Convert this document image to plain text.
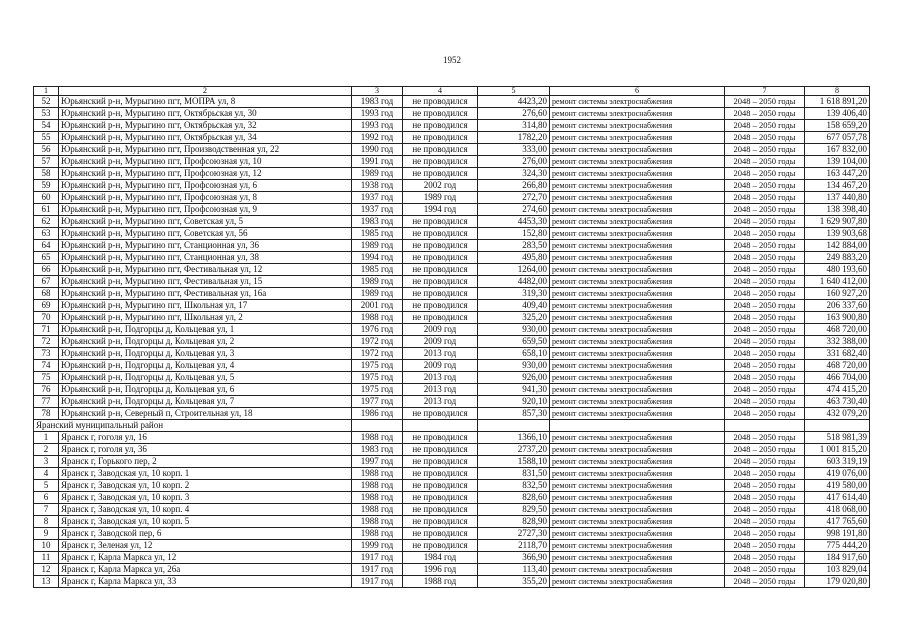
1952
1	2	3	4	5	6	7	8
52	Юрьянский р-н, Мурыгино пгт, МОПРА ул, 8	1983 год	не проводился	4423,20	ремонт системы электроснабжения	2048 – 2050 годы	1 618 891,20
53	Юрьянский р-н, Мурыгино пгт, Октябрьская ул, 30	1993 год	не проводился	276,60	ремонт системы электроснабжения	2048 – 2050 годы	139 406,40
54	Юрьянский р-н, Мурыгино пгт, Октябрьская ул, 32	1993 год	не проводился	314,80	ремонт системы электроснабжения	2048 – 2050 годы	158 659,20
55	Юрьянский р-н, Мурыгино пгт, Октябрьская ул, 34	1992 год	не проводился	1782,20	ремонт системы электроснабжения	2048 – 2050 годы	677 057,78
56	Юрьянский р-н, Мурыгино пгт, Производственная ул, 22	1990 год	не проводился	333,00	ремонт системы электроснабжения	2048 – 2050 годы	167 832,00
57	Юрьянский р-н, Мурыгино пгт, Профсоюзная ул, 10	1991 год	не проводился	276,00	ремонт системы электроснабжения	2048 – 2050 годы	139 104,00
58	Юрьянский р-н, Мурыгино пгт, Профсоюзная ул, 12	1989 год	не проводился	324,30	ремонт системы электроснабжения	2048 – 2050 годы	163 447,20
59	Юрьянский р-н, Мурыгино пгт, Профсоюзная ул, 6	1938 год	2002 год	266,80	ремонт системы электроснабжения	2048 – 2050 годы	134 467,20
60	Юрьянский р-н, Мурыгино пгт, Профсоюзная ул, 8	1937 год	1989 год	272,70	ремонт системы электроснабжения	2048 – 2050 годы	137 440,80
61	Юрьянский р-н, Мурыгино пгт, Профсоюзная ул, 9	1937 год	1994 год	274,60	ремонт системы электроснабжения	2048 – 2050 годы	138 398,40
62	Юрьянский р-н, Мурыгино пгт, Советская ул, 5	1983 год	не проводился	4453,30	ремонт системы электроснабжения	2048 – 2050 годы	1 629 907,80
63	Юрьянский р-н, Мурыгино пгт, Советская ул, 56	1985 год	не проводился	152,80	ремонт системы электроснабжения	2048 – 2050 годы	139 903,68
64	Юрьянский р-н, Мурыгино пгт, Станционная ул, 36	1989 год	не проводился	283,50	ремонт системы электроснабжения	2048 – 2050 годы	142 884,00
65	Юрьянский р-н, Мурыгино пгт, Станционная ул, 38	1994 год	не проводился	495,80	ремонт системы электроснабжения	2048 – 2050 годы	249 883,20
66	Юрьянский р-н, Мурыгино пгт, Фестивальная ул, 12	1985 год	не проводился	1264,00	ремонт системы электроснабжения	2048 – 2050 годы	480 193,60
67	Юрьянский р-н, Мурыгино пгт, Фестивальная ул, 15	1989 год	не проводился	4482,00	ремонт системы электроснабжения	2048 – 2050 годы	1 640 412,00
68	Юрьянский р-н, Мурыгино пгт, Фестивальная ул, 16а	1989 год	не проводился	319,30	ремонт системы электроснабжения	2048 – 2050 годы	160 927,20
69	Юрьянский р-н, Мурыгино пгт, Школьная ул, 17	2001 год	не проводился	409,40	ремонт системы электроснабжения	2048 – 2050 годы	206 337,60
70	Юрьянский р-н, Мурыгино пгт, Школьная ул, 2	1988 год	не проводился	325,20	ремонт системы электроснабжения	2048 – 2050 годы	163 900,80
71	Юрьянский р-н, Подгорцы д, Кольцевая ул, 1	1976 год	2009 год	930,00	ремонт системы электроснабжения	2048 – 2050 годы	468 720,00
72	Юрьянский р-н, Подгорцы д, Кольцевая ул, 2	1972 год	2009 год	659,50	ремонт системы электроснабжения	2048 – 2050 годы	332 388,00
73	Юрьянский р-н, Подгорцы д, Кольцевая ул, 3	1972 год	2013 год	658,10	ремонт системы электроснабжения	2048 – 2050 годы	331 682,40
74	Юрьянский р-н, Подгорцы д, Кольцевая ул, 4	1975 год	2009 год	930,00	ремонт системы электроснабжения	2048 – 2050 годы	468 720,00
75	Юрьянский р-н, Подгорцы д, Кольцевая ул, 5	1975 год	2013 год	926,00	ремонт системы электроснабжения	2048 – 2050 годы	466 704,00
76	Юрьянский р-н, Подгорцы д, Кольцевая ул, 6	1975 год	2013 год	941,30	ремонт системы электроснабжения	2048 – 2050 годы	474 415,20
77	Юрьянский р-н, Подгорцы д, Кольцевая ул, 7	1977 год	2013 год	920,10	ремонт системы электроснабжения	2048 – 2050 годы	463 730,40
78	Юрьянский р-н, Северный п, Строительная ул, 18	1986 год	не проводился	857,30	ремонт системы электроснабжения	2048 – 2050 годы	432 079,20
Яранский муниципальный район							
1	Яранск г, гоголя ул, 16	1988 год	не проводился	1366,10	ремонт системы электроснабжения	2048 – 2050 годы	518 981,39
2	Яранск г, гоголя ул, 36	1983 год	не проводился	2737,20	ремонт системы электроснабжения	2048 – 2050 годы	1 001 815,20
3	Яранск г, Горького пер, 2	1997 год	не проводился	1588,10	ремонт системы электроснабжения	2048 – 2050 годы	603 319,19
4	Яранск г, Заводская ул, 10 корп. 1	1988 год	не проводился	831,50	ремонт системы электроснабжения	2048 – 2050 годы	419 076,00
5	Яранск г, Заводская ул, 10 корп. 2	1988 год	не проводился	832,50	ремонт системы электроснабжения	2048 – 2050 годы	419 580,00
6	Яранск г, Заводская ул, 10 корп. 3	1988 год	не проводился	828,60	ремонт системы электроснабжения	2048 – 2050 годы	417 614,40
7	Яранск г, Заводская ул, 10 корп. 4	1988 год	не проводился	829,50	ремонт системы электроснабжения	2048 – 2050 годы	418 068,00
8	Яранск г, Заводская ул, 10 корп. 5	1988 год	не проводился	828,90	ремонт системы электроснабжения	2048 – 2050 годы	417 765,60
9	Яранск г, Заводской пер, 6	1988 год	не проводился	2727,30	ремонт системы электроснабжения	2048 – 2050 годы	998 191,80
10	Яранск г, Зеленая ул, 12	1999 год	не проводился	2118,70	ремонт системы электроснабжения	2048 – 2050 годы	775 444,20
11	Яранск г, Карла Маркса ул, 12	1917 год	1984 год	366,90	ремонт системы электроснабжения	2048 – 2050 годы	184 917,60
12	Яранск г, Карла Маркса ул, 26а	1917 год	1996 год	113,40	ремонт системы электроснабжения	2048 – 2050 годы	103 829,04
13	Яранск г, Карла Маркса ул, 33	1917 год	1988 год	355,20	ремонт системы электроснабжения	2048 – 2050 годы	179 020,80
